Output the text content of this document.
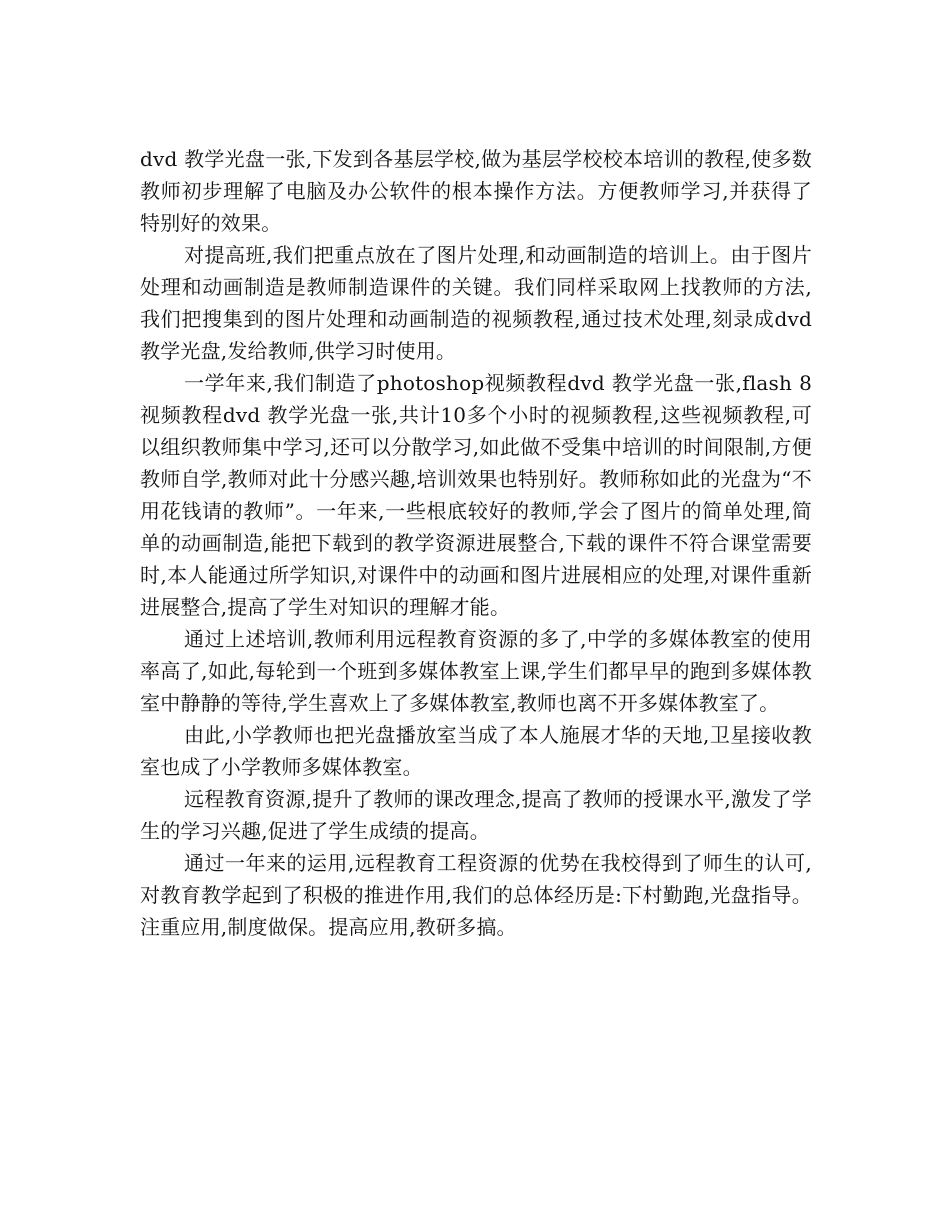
dvd 教学光盘一张,下发到各基层学校,做为基层学校校本培训的教程,使多数教师初步理解了电脑及办公软件的根本操作方法。方便教师学习,并获得了特别好的效果。

对提高班,我们把重点放在了图片处理,和动画制造的培训上。由于图片处理和动画制造是教师制造课件的关键。我们同样采取网上找教师的方法,我们把搜集到的图片处理和动画制造的视频教程,通过技术处理,刻录成dvd教学光盘,发给教师,供学习时使用。

一学年来,我们制造了photoshop视频教程dvd 教学光盘一张,flash 8视频教程dvd 教学光盘一张,共计10多个小时的视频教程,这些视频教程,可以组织教师集中学习,还可以分散学习,如此做不受集中培训的时间限制,方便教师自学,教师对此十分感兴趣,培训效果也特别好。教师称如此的光盘为“不用花钱请的教师”。一年来,一些根底较好的教师,学会了图片的简单处理,简单的动画制造,能把下载到的教学资源进展整合,下载的课件不符合课堂需要时,本人能通过所学知识,对课件中的动画和图片进展相应的处理,对课件重新进展整合,提高了学生对知识的理解才能。

通过上述培训,教师利用远程教育资源的多了,中学的多媒体教室的使用率高了,如此,每轮到一个班到多媒体教室上课,学生们都早早的跑到多媒体教室中静静的等待,学生喜欢上了多媒体教室,教师也离不开多媒体教室了。

由此,小学教师也把光盘播放室当成了本人施展才华的天地,卫星接收教室也成了小学教师多媒体教室。

远程教育资源,提升了教师的课改理念,提高了教师的授课水平,激发了学生的学习兴趣,促进了学生成绩的提高。

通过一年来的运用,远程教育工程资源的优势在我校得到了师生的认可,对教育教学起到了积极的推进作用,我们的总体经历是:下村勤跑,光盘指导。注重应用,制度做保。提高应用,教研多搞。
